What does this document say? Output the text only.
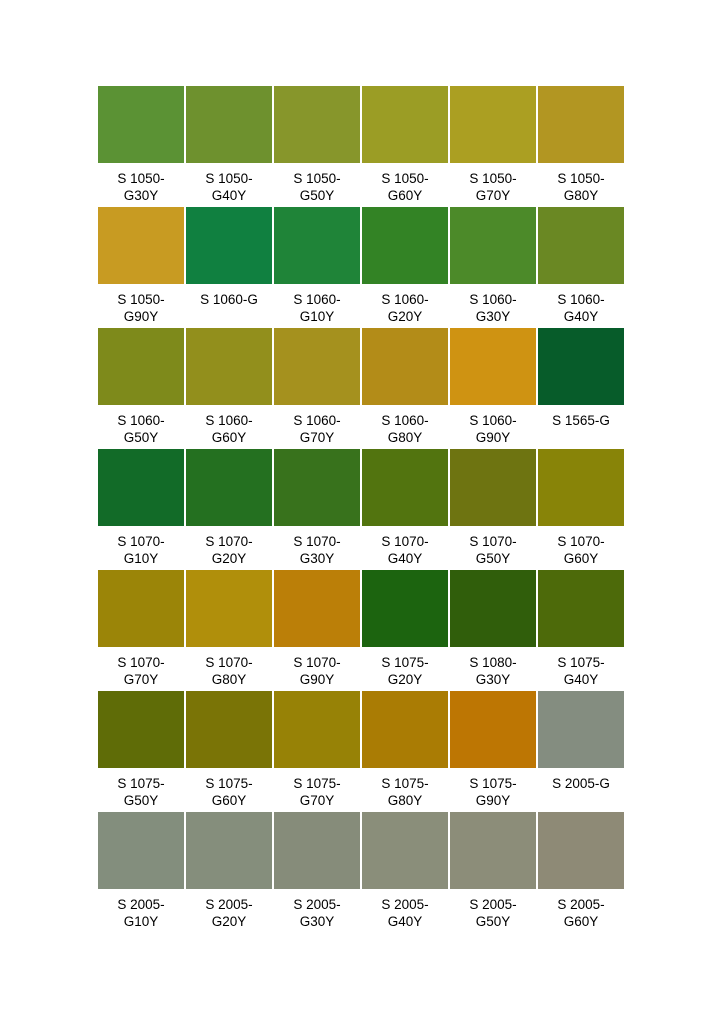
S 1050-
G30Y
S 1050-
G40Y
S 1050-
G50Y
S 1050-
G60Y
S 1050-
G70Y
S 1050-
G80Y
S 1050-
G90Y
S 1060-G	S 1060-
G10Y
S 1060-
G20Y
S 1060-
G30Y
S 1060-
G40Y
S 1060-
G50Y
S 1060-
G60Y
S 1060-
G70Y
S 1060-
G80Y
S 1060-
G90Y
S 1565-G
S 1070-
G10Y
S 1070-
G20Y
S 1070-
G30Y
S 1070-
G40Y
S 1070-
G50Y
S 1070-
G60Y
S 1070-
G70Y
S 1070-
G80Y
S 1070-
G90Y
S 1075-
G20Y
S 1080-
G30Y
S 1075-
G40Y
S 1075-
G50Y
S 1075-
G60Y
S 1075-
G70Y
S 1075-
G80Y
S 1075-
G90Y
S 2005-G
S 2005-
G10Y
S 2005-
G20Y
S 2005-
G30Y
S 2005-
G40Y
S 2005-
G50Y
S 2005-
G60Y
